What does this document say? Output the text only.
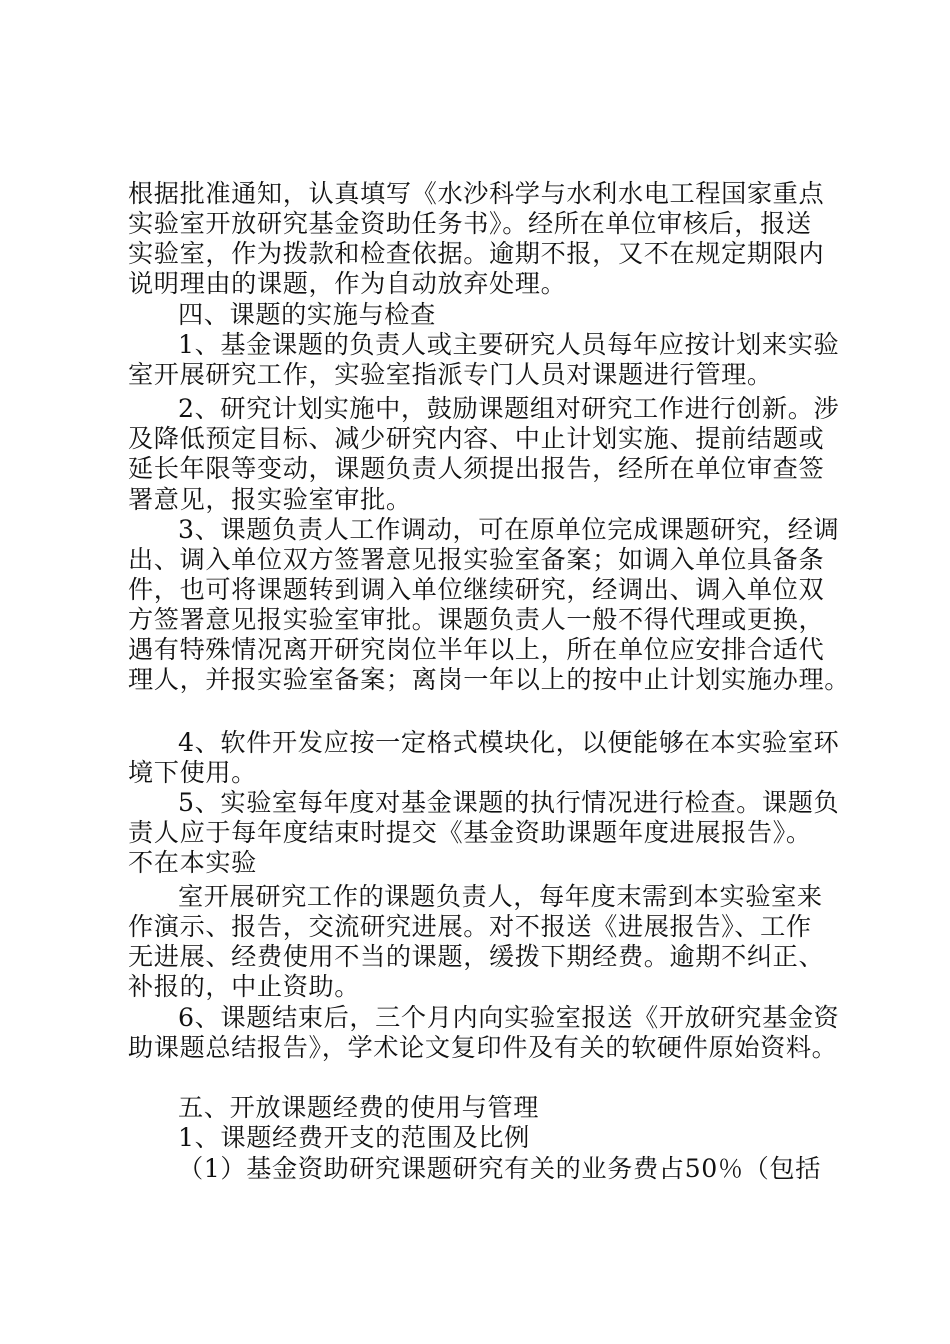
根据批准通知，认真填写《水沙科学与水利水电工程国家重点
实验室开放研究基金资助任务书》。经所在单位审核后，报送
实验室，作为拨款和检查依据。逾期不报，又不在规定期限内
说明理由的课题，作为自动放弃处理。
四、课题的实施与检查
1、基金课题的负责人或主要研究人员每年应按计划来实验
室开展研究工作，实验室指派专门人员对课题进行管理。
2、研究计划实施中，鼓励课题组对研究工作进行创新。涉
及降低预定目标、减少研究内容、中止计划实施、提前结题或
延长年限等变动，课题负责人须提出报告，经所在单位审查签
署意见，报实验室审批。
3、课题负责人工作调动，可在原单位完成课题研究，经调
出、调入单位双方签署意见报实验室备案；如调入单位具备条
件，也可将课题转到调入单位继续研究，经调出、调入单位双
方签署意见报实验室审批。课题负责人一般不得代理或更换，
遇有特殊情况离开研究岗位半年以上，所在单位应安排合适代
理人，并报实验室备案；离岗一年以上的按中止计划实施办理。
4、软件开发应按一定格式模块化，以便能够在本实验室环
境下使用。
5、实验室每年度对基金课题的执行情况进行检查。课题负
责人应于每年度结束时提交《基金资助课题年度进展报告》。
不在本实验
室开展研究工作的课题负责人，每年度末需到本实验室来
作演示、报告，交流研究进展。对不报送《进展报告》、工作
无进展、经费使用不当的课题，缓拨下期经费。逾期不纠正、
补报的，中止资助。
6、课题结束后，三个月内向实验室报送《开放研究基金资
助课题总结报告》，学术论文复印件及有关的软硬件原始资料。
五、开放课题经费的使用与管理
1、课题经费开支的范围及比例
（1）基金资助研究课题研究有关的业务费占50％（包括
